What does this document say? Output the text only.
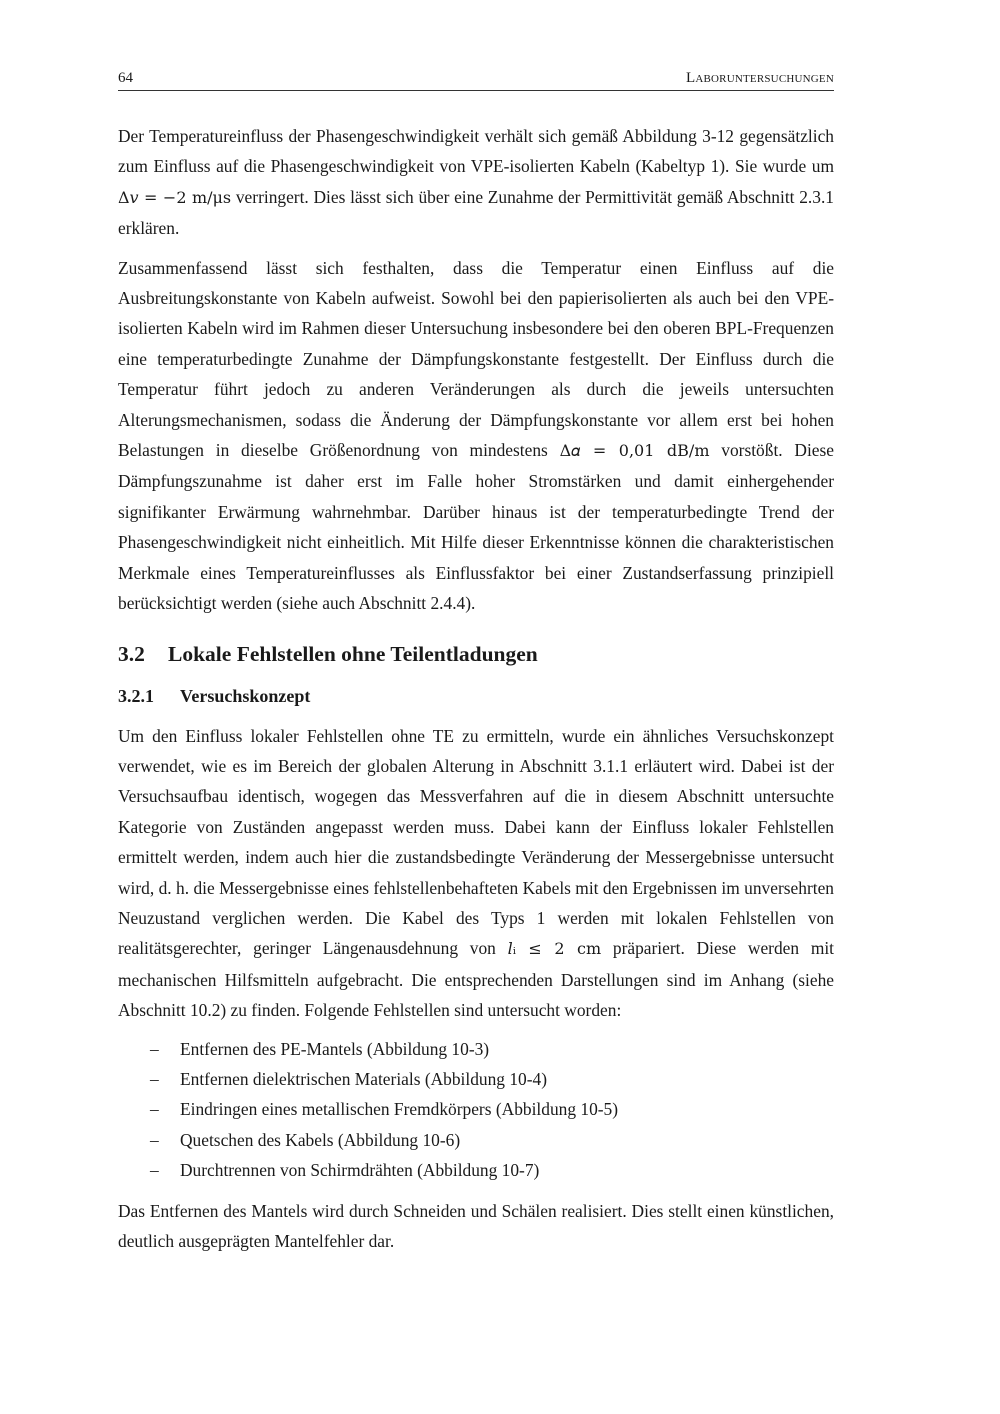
64	Laboruntersuchungen

Der Temperatureinfluss der Phasengeschwindigkeit verhält sich gemäß Abbildung 3-12 gegensätzlich zum Einfluss auf die Phasengeschwindigkeit von VPE-isolierten Kabeln (Kabeltyp 1). Sie wurde um Δ𝑣 = −2 m/μs verringert. Dies lässt sich über eine Zunahme der Permittivität gemäß Abschnitt 2.3.1 erklären.

Zusammenfassend lässt sich festhalten, dass die Temperatur einen Einfluss auf die Ausbreitungskonstante von Kabeln aufweist. Sowohl bei den papierisolierten als auch bei den VPE-isolierten Kabeln wird im Rahmen dieser Untersuchung insbesondere bei den oberen BPL-Frequenzen eine temperaturbedingte Zunahme der Dämpfungskonstante festgestellt. Der Einfluss durch die Temperatur führt jedoch zu anderen Veränderungen als durch die jeweils untersuchten Alterungsmechanismen, sodass die Änderung der Dämpfungskonstante vor allem erst bei hohen Belastungen in dieselbe Größenordnung von mindestens Δ𝛼 = 0,01 dB/m vorstößt. Diese Dämpfungszunahme ist daher erst im Falle hoher Stromstärken und damit einhergehender signifikanter Erwärmung wahrnehmbar. Darüber hinaus ist der temperaturbedingte Trend der Phasengeschwindigkeit nicht einheitlich. Mit Hilfe dieser Erkenntnisse können die charakteristischen Merkmale eines Temperatureinflusses als Einflussfaktor bei einer Zustandserfassung prinzipiell berücksichtigt werden (siehe auch Abschnitt 2.4.4).

3.2 Lokale Fehlstellen ohne Teilentladungen
3.2.1 Versuchskonzept

Um den Einfluss lokaler Fehlstellen ohne TE zu ermitteln, wurde ein ähnliches Versuchskonzept verwendet, wie es im Bereich der globalen Alterung in Abschnitt 3.1.1 erläutert wird. Dabei ist der Versuchsaufbau identisch, wogegen das Messverfahren auf die in diesem Abschnitt untersuchte Kategorie von Zuständen angepasst werden muss. Dabei kann der Einfluss lokaler Fehlstellen ermittelt werden, indem auch hier die zustandsbedingte Veränderung der Messergebnisse untersucht wird, d. h. die Messergebnisse eines fehlstellenbehafteten Kabels mit den Ergebnissen im unversehrten Neuzustand verglichen werden. Die Kabel des Typs 1 werden mit lokalen Fehlstellen von realitätsgerechter, geringer Längenausdehnung von 𝑙ᵢ ≤ 2 cm präpariert. Diese werden mit mechanischen Hilfsmitteln aufgebracht. Die entsprechenden Darstellungen sind im Anhang (siehe Abschnitt 10.2) zu finden. Folgende Fehlstellen sind untersucht worden:

– Entfernen des PE-Mantels (Abbildung 10-3)
– Entfernen dielektrischen Materials (Abbildung 10-4)
– Eindringen eines metallischen Fremdkörpers (Abbildung 10-5)
– Quetschen des Kabels (Abbildung 10-6)
– Durchtrennen von Schirmdrähten (Abbildung 10-7)

Das Entfernen des Mantels wird durch Schneiden und Schälen realisiert. Dies stellt einen künstlichen, deutlich ausgeprägten Mantelfehler dar.
